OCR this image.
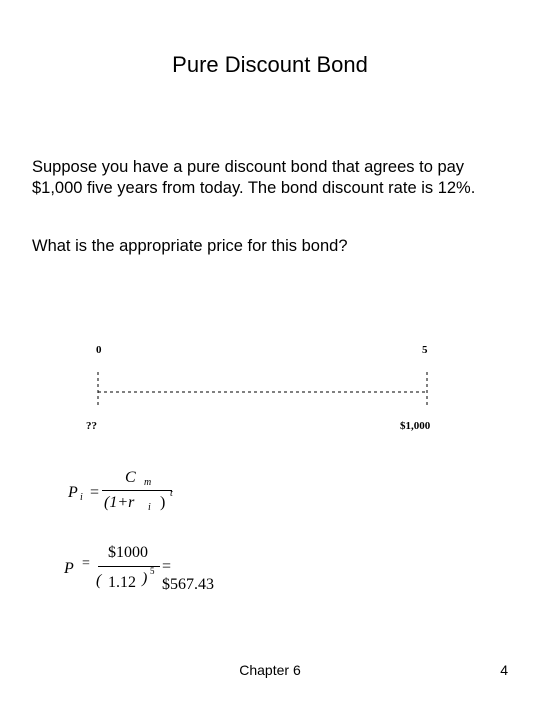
Pure Discount Bond
Suppose you have a pure discount bond that agrees to pay $1,000 five years from today. The bond discount rate is 12%.
What is the appropriate price for this bond?
0	5
??	$1,000
P i =
C m
(1+r i )
t
P =
$1000
( 1.12 ) 5 = $567.43
Chapter 6	4
